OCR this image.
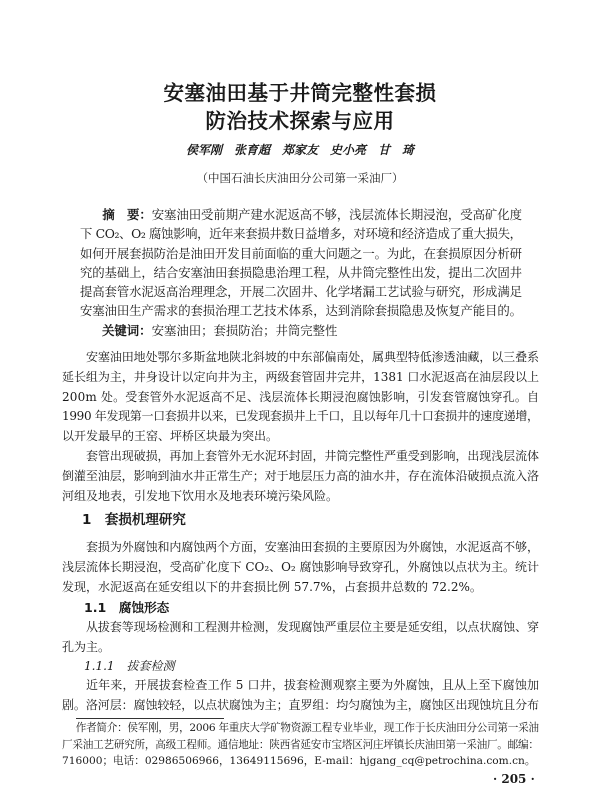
安塞油田基于井筒完整性套损
防治技术探索与应用
侯军刚　张育超　郑家友　史小亮　甘　琦
（中国石油长庆油田分公司第一采油厂）
摘　要：安塞油田受前期产建水泥返高不够，浅层流体长期浸泡，受高矿化度
下 CO₂、O₂ 腐蚀影响，近年来套损井数日益增多，对环境和经济造成了重大损失，
如何开展套损防治是油田开发目前面临的重大问题之一。为此，在套损原因分析研
究的基础上，结合安塞油田套损隐患治理工程，从井筒完整性出发，提出二次固井
提高套管水泥返高治理理念，开展二次固井、化学堵漏工艺试验与研究，形成满足
安塞油田生产需求的套损治理工艺技术体系，达到消除套损隐患及恢复产能目的。
关键词：安塞油田；套损防治；井筒完整性
安塞油田地处鄂尔多斯盆地陕北斜坡的中东部偏南处，属典型特低渗透油藏，以三叠系
延长组为主，井身设计以定向井为主，两级套管固井完井，1381 口水泥返高在油层段以上
200m 处。受套管外水泥返高不足、浅层流体长期浸泡腐蚀影响，引发套管腐蚀穿孔。自
1990 年发现第一口套损井以来，已发现套损井上千口，且以每年几十口套损井的速度递增，
以开发最早的王窑、坪桥区块最为突出。
套管出现破损，再加上套管外无水泥环封固，井筒完整性严重受到影响，出现浅层流体
倒灌至油层，影响到油水井正常生产；对于地层压力高的油水井，存在流体沿破损点流入洛
河组及地表，引发地下饮用水及地表环境污染风险。
1　套损机理研究
套损为外腐蚀和内腐蚀两个方面，安塞油田套损的主要原因为外腐蚀，水泥返高不够，
浅层流体长期浸泡，受高矿化度下 CO₂、O₂ 腐蚀影响导致穿孔，外腐蚀以点状为主。统计
发现，水泥返高在延安组以下的井套损比例 57.7%，占套损井总数的 72.2%。
1.1　腐蚀形态
从拔套等现场检测和工程测井检测，发现腐蚀严重层位主要是延安组，以点状腐蚀、穿
孔为主。
1.1.1　拔套检测
近年来，开展拔套检查工作 5 口井，拔套检测观察主要为外腐蚀，且从上至下腐蚀加
剧。洛河层：腐蚀较轻，以点状腐蚀为主；直罗组：均匀腐蚀为主，腐蚀区出现蚀坑且分布
作者简介：侯军刚，男，2006 年重庆大学矿物资源工程专业毕业，现工作于长庆油田分公司第一采油
厂采油工艺研究所，高级工程师。通信地址：陕西省延安市宝塔区河庄坪镇长庆油田第一采油厂。邮编：
716000；电话：02986506966，13649115696，E-mail：hjgang_cq@petrochina.com.cn。
· 205 ·
